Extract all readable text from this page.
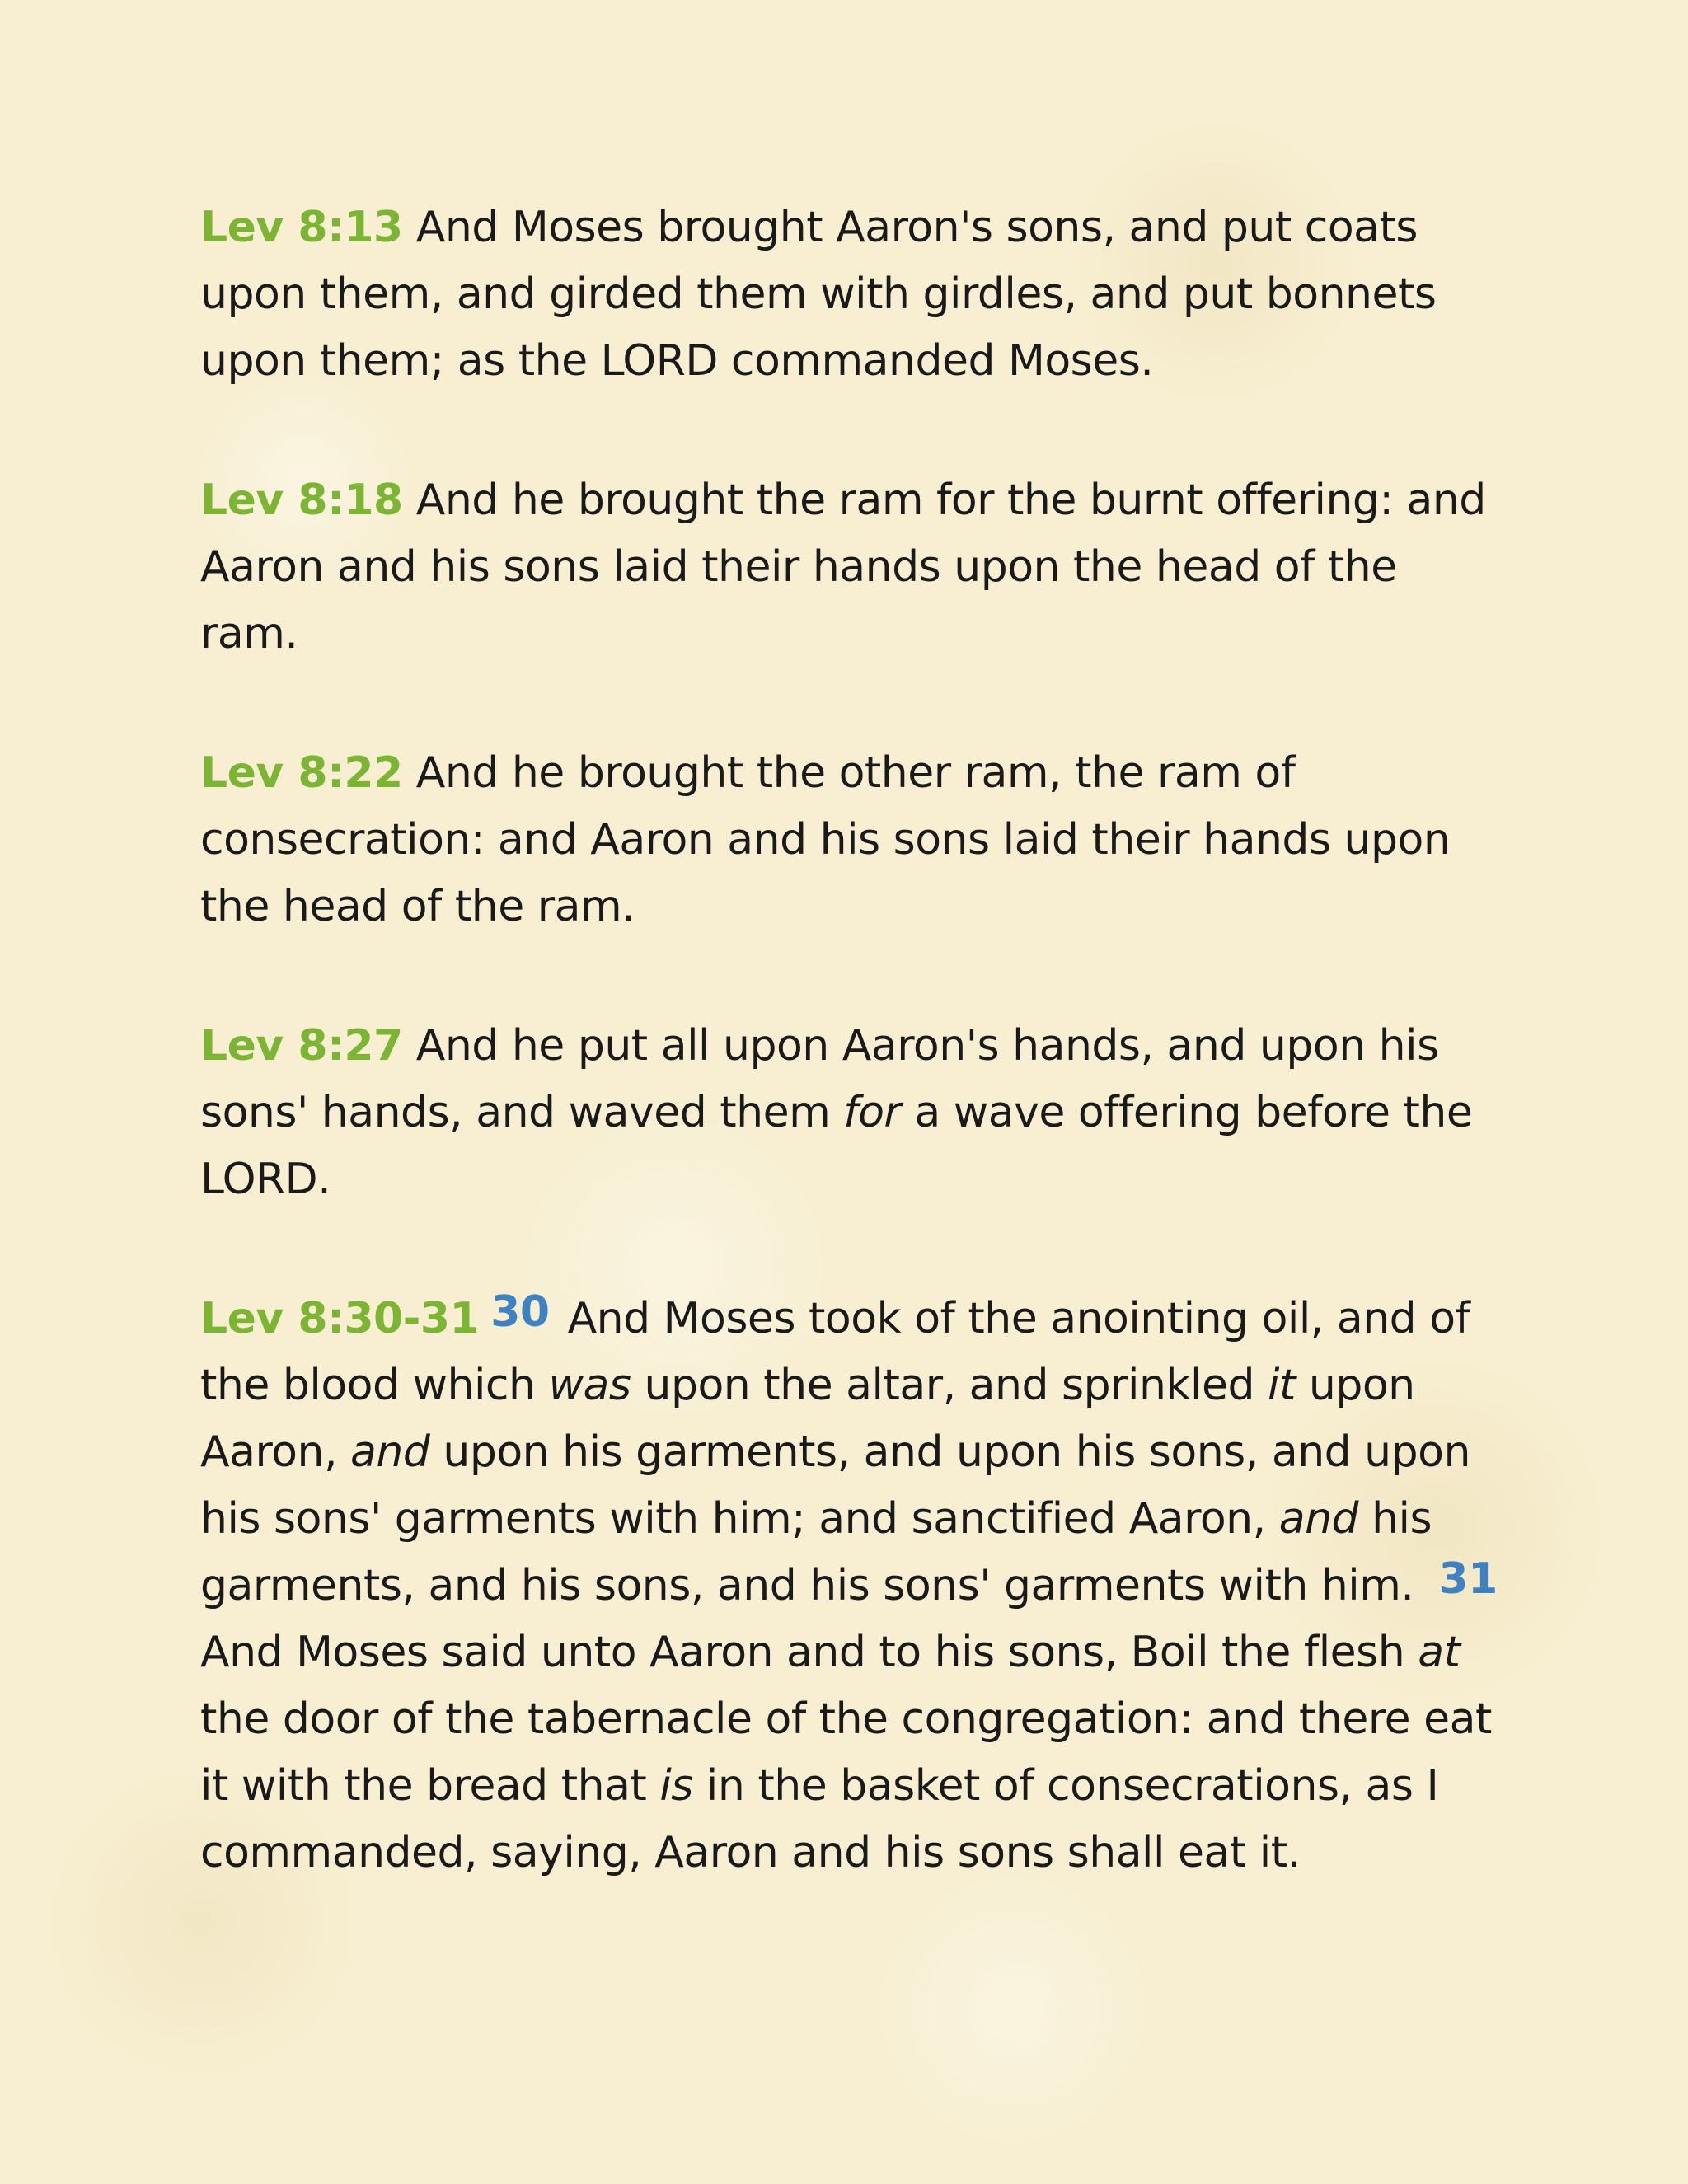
Lev 8:13 And Moses brought Aaron's sons, and put coats upon them, and girded them with girdles, and put bonnets upon them; as the LORD commanded Moses.

Lev 8:18 And he brought the ram for the burnt offering: and Aaron and his sons laid their hands upon the head of the ram.

Lev 8:22 And he brought the other ram, the ram of consecration: and Aaron and his sons laid their hands upon the head of the ram.

Lev 8:27 And he put all upon Aaron's hands, and upon his sons' hands, and waved them for a wave offering before the LORD.

Lev 8:30-31 30 And Moses took of the anointing oil, and of the blood which was upon the altar, and sprinkled it upon Aaron, and upon his garments, and upon his sons, and upon his sons' garments with him; and sanctified Aaron, and his garments, and his sons, and his sons' garments with him. 31 And Moses said unto Aaron and to his sons, Boil the flesh at the door of the tabernacle of the congregation: and there eat it with the bread that is in the basket of consecrations, as I commanded, saying, Aaron and his sons shall eat it.
